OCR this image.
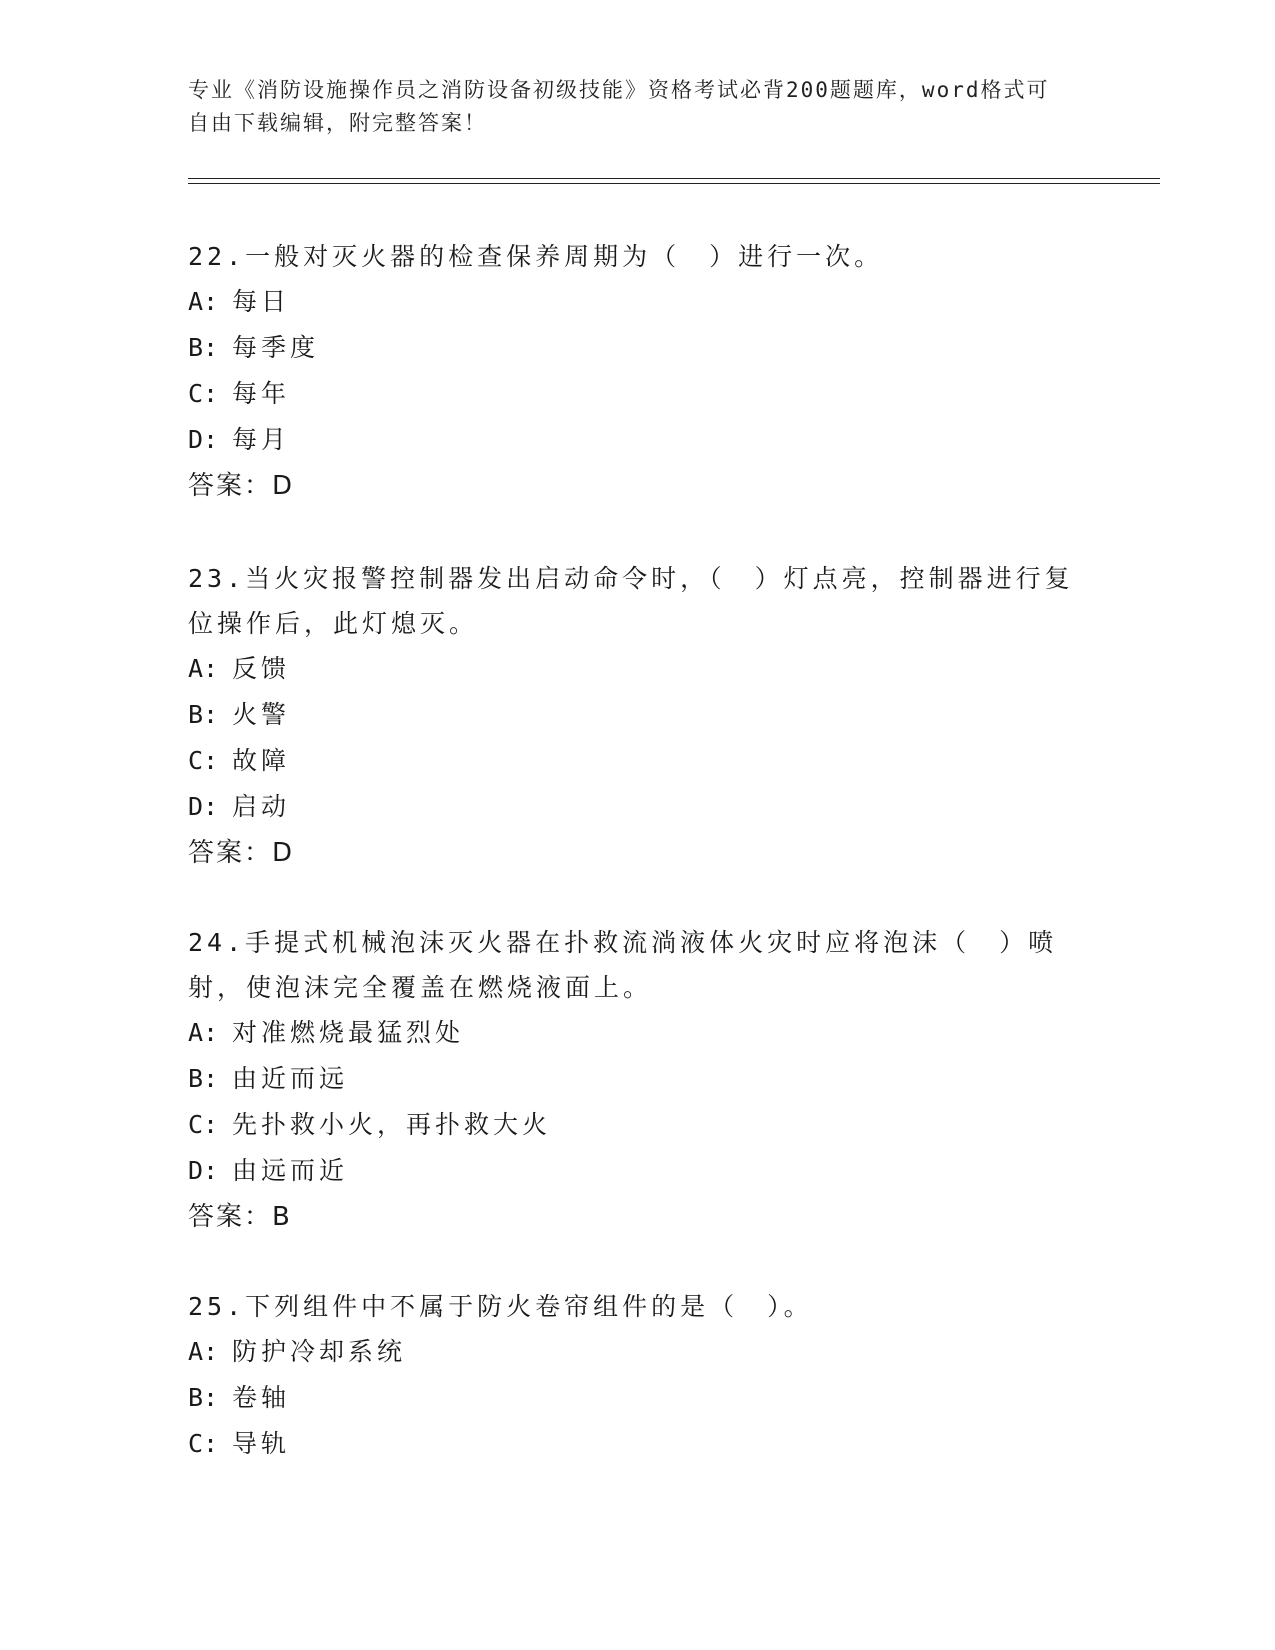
专业《消防设施操作员之消防设备初级技能》资格考试必背200题题库，word格式可自由下载编辑，附完整答案！

22.一般对灭火器的检查保养周期为（　）进行一次。

A: 每日

B: 每季度

C: 每年

D: 每月

答案：D

23.当火灾报警控制器发出启动命令时，（　）灯点亮，控制器进行复位操作后，此灯熄灭。

A: 反馈

B: 火警

C: 故障

D: 启动

答案：D

24.手提式机械泡沫灭火器在扑救流淌液体火灾时应将泡沫（　）喷射，使泡沫完全覆盖在燃烧液面上。

A: 对准燃烧最猛烈处

B: 由近而远

C: 先扑救小火，再扑救大火

D: 由远而近

答案：B

25.下列组件中不属于防火卷帘组件的是（　）。

A: 防护冷却系统

B: 卷轴

C: 导轨
